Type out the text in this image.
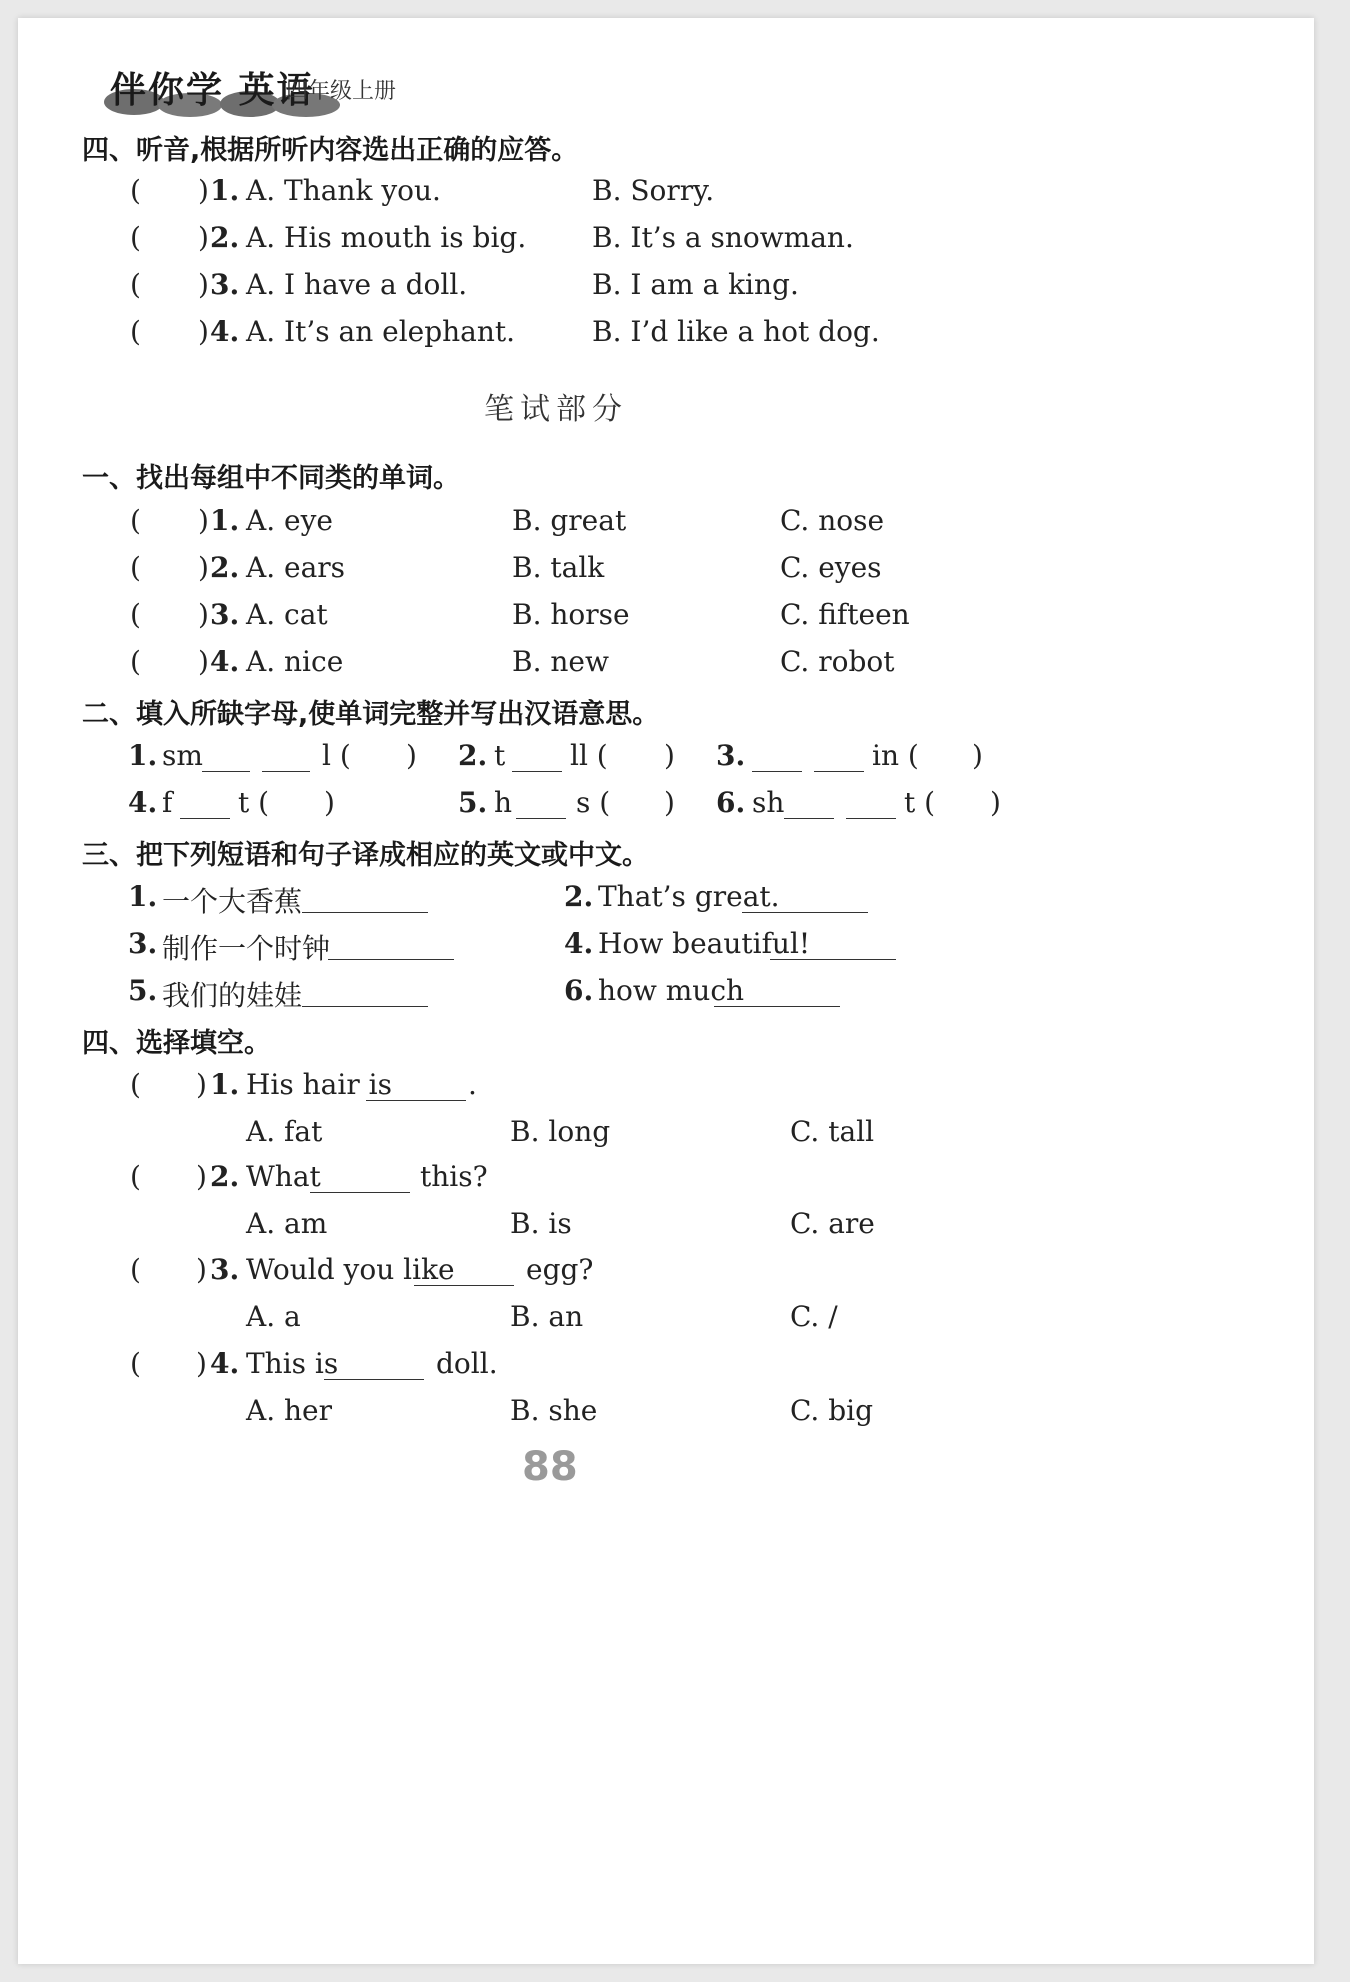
伴你学 英语
四年级上册
四、听音,根据所听内容选出正确的应答。
( ) 1. A. Thank you.	B. Sorry.
( ) 2. A. His mouth is big. B. It’s a snowman.
( ) 3. A. I have a doll.	B. I am a king.
( ) 4. A. It’s an elephant.	B. I’d like a hot dog.
笔试部分
一、找出每组中不同类的单词。
( ) 1. A. eye	B. great	C. nose
( ) 2. A. ears	B. talk	C. eyes
( ) 3. A. cat	B. horse	C. fifteen
( ) 4. A. nice	B. new	C. robot
二、填入所缺字母,使单词完整并写出汉语意思。
1. sm	l ( ) 2. t ll ( ) 3.	in ( )
4. f t ( )	5. h s ( ) 6. sh	t ( )
三、把下列短语和句子译成相应的英文或中文。
1. 一个大香蕉	2. That’s great.
3. 制作一个时钟	4. How beautiful!
5. 我们的娃娃	6. how much
四、选择填空。
( ) 1. His hair is	.
A. fat	B. long	C. tall
( ) 2. What	this?
A. am	B. is	C. are
( ) 3. Would you like	egg?
A. a	B. an	C. /
( ) 4. This is	doll.
A. her	B. she	C. big
88
